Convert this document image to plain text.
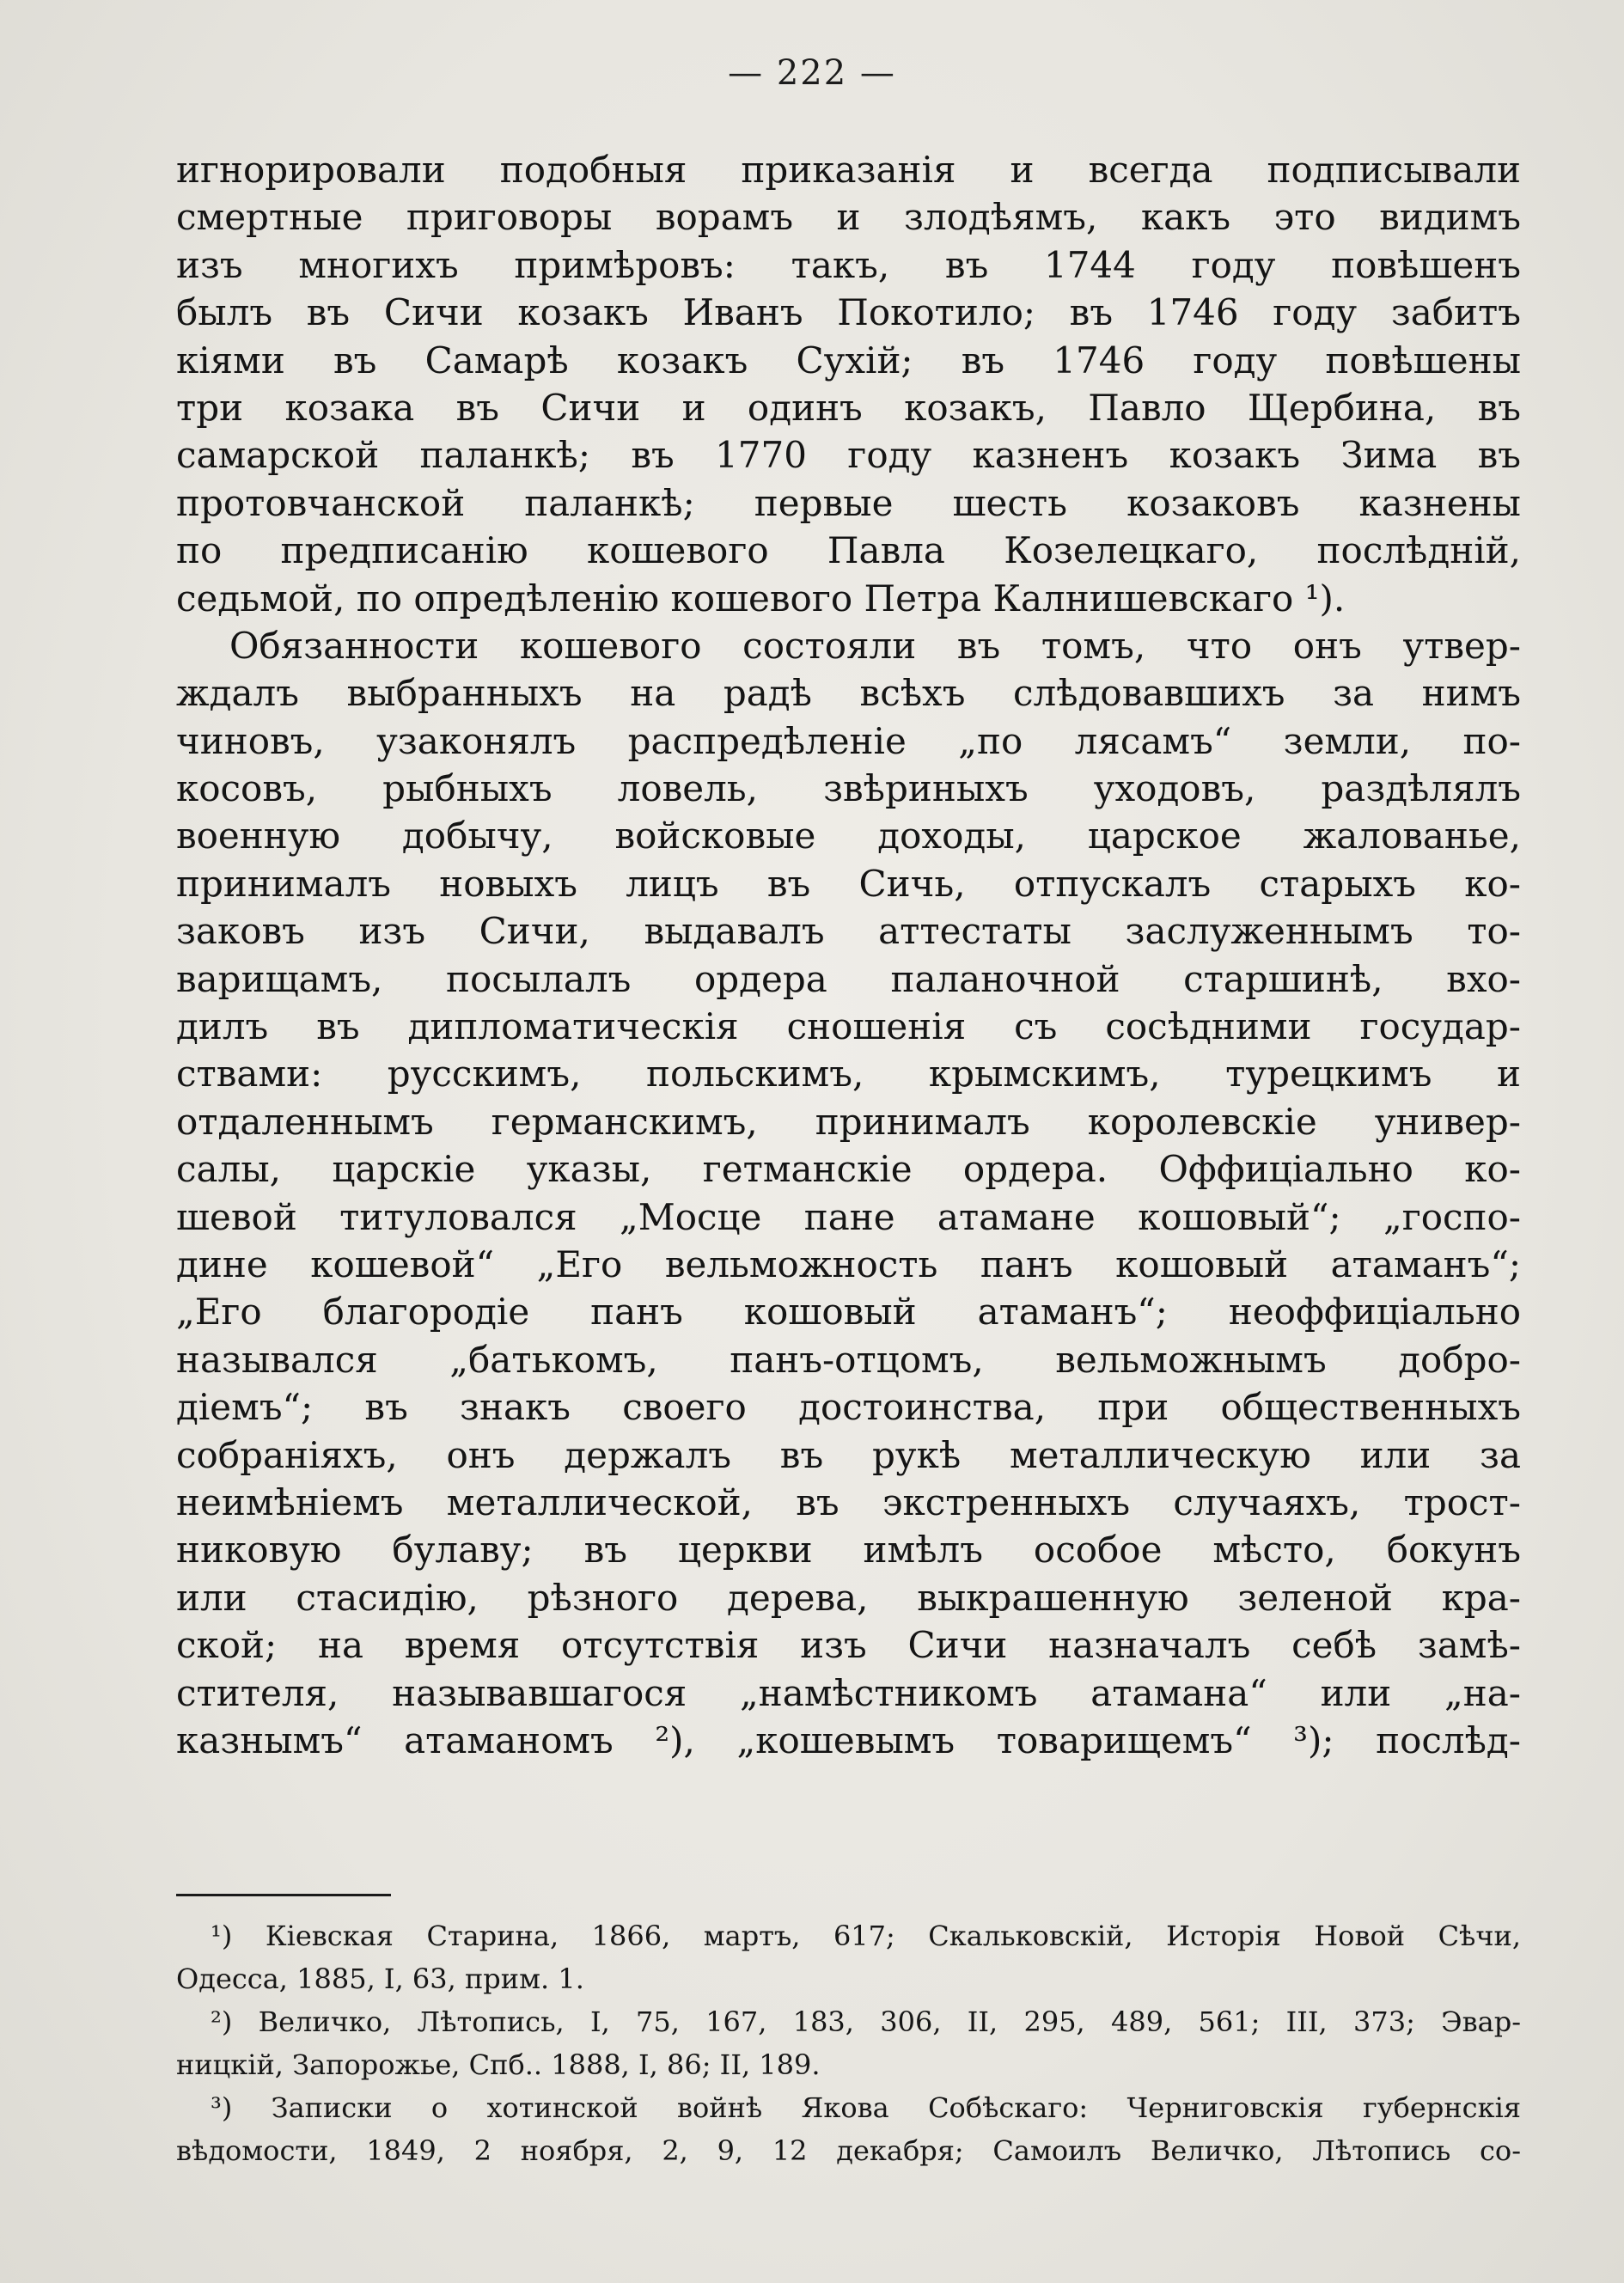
— 222 —
игнорировали подобныя приказанія и всегда подписывали
смертные приговоры ворамъ и злодѣямъ, какъ это видимъ
изъ многихъ примѣровъ: такъ, въ 1744 году повѣшенъ
былъ въ Сичи козакъ Иванъ Покотило; въ 1746 году забитъ
кіями въ Самарѣ козакъ Сухій; въ 1746 году повѣшены
три козака въ Сичи и одинъ козакъ, Павло Щербина, въ
самарской паланкѣ; въ 1770 году казненъ козакъ Зима въ
протовчанской паланкѣ; первые шесть козаковъ казнены
по предписанію кошевого Павла Козелецкаго, послѣдній,
седьмой, по опредѣленію кошевого Петра Калнишевскаго ¹).
Обязанности кошевого состояли въ томъ, что онъ утвер-
ждалъ выбранныхъ на радѣ всѣхъ слѣдовавшихъ за нимъ
чиновъ, узаконялъ распредѣленіе „по лясамъ“ земли, по-
косовъ, рыбныхъ ловель, звѣриныхъ уходовъ, раздѣлялъ
военную добычу, войсковые доходы, царское жалованье,
принималъ новыхъ лицъ въ Сичь, отпускалъ старыхъ ко-
заковъ изъ Сичи, выдавалъ аттестаты заслуженнымъ то-
варищамъ, посылалъ ордера паланочной старшинѣ, вхо-
дилъ въ дипломатическія сношенія съ сосѣдними государ-
ствами: русскимъ, польскимъ, крымскимъ, турецкимъ и
отдаленнымъ германскимъ, принималъ королевскіе универ-
салы, царскіе указы, гетманскіе ордера. Оффиціально ко-
шевой титуловался „Мосце пане атамане кошовый“; „госпо-
дине кошевой“ „Его вельможность панъ кошовый атаманъ“;
„Его благородіе панъ кошовый атаманъ“; неоффиціально
назывался „батькомъ, панъ-отцомъ, вельможнымъ добро-
діемъ“; въ знакъ своего достоинства, при общественныхъ
собраніяхъ, онъ держалъ въ рукѣ металлическую или за
неимѣніемъ металлической, въ экстренныхъ случаяхъ, трост-
никовую булаву; въ церкви имѣлъ особое мѣсто, бокунъ
или стасидію, рѣзного дерева, выкрашенную зеленой кра-
ской; на время отсутствія изъ Сичи назначалъ себѣ замѣ-
стителя, называвшагося „намѣстникомъ атамана“ или „на-
казнымъ“ атаманомъ ²), „кошевымъ товарищемъ“ ³); послѣд-
¹) Кіевская Старина, 1866, мартъ, 617; Скальковскій, Исторія Новой Сѣчи,
Одесса, 1885, I, 63, прим. 1.
²) Величко, Лѣтопись, I, 75, 167, 183, 306, II, 295, 489, 561; III, 373; Эвар-
ницкій, Запорожье, Спб.. 1888, I, 86; II, 189.
³) Записки о хотинской войнѣ Якова Собѣскаго: Черниговскія губернскія
вѣдомости, 1849, 2 ноября, 2, 9, 12 декабря; Самоилъ Величко, Лѣтопись со-
